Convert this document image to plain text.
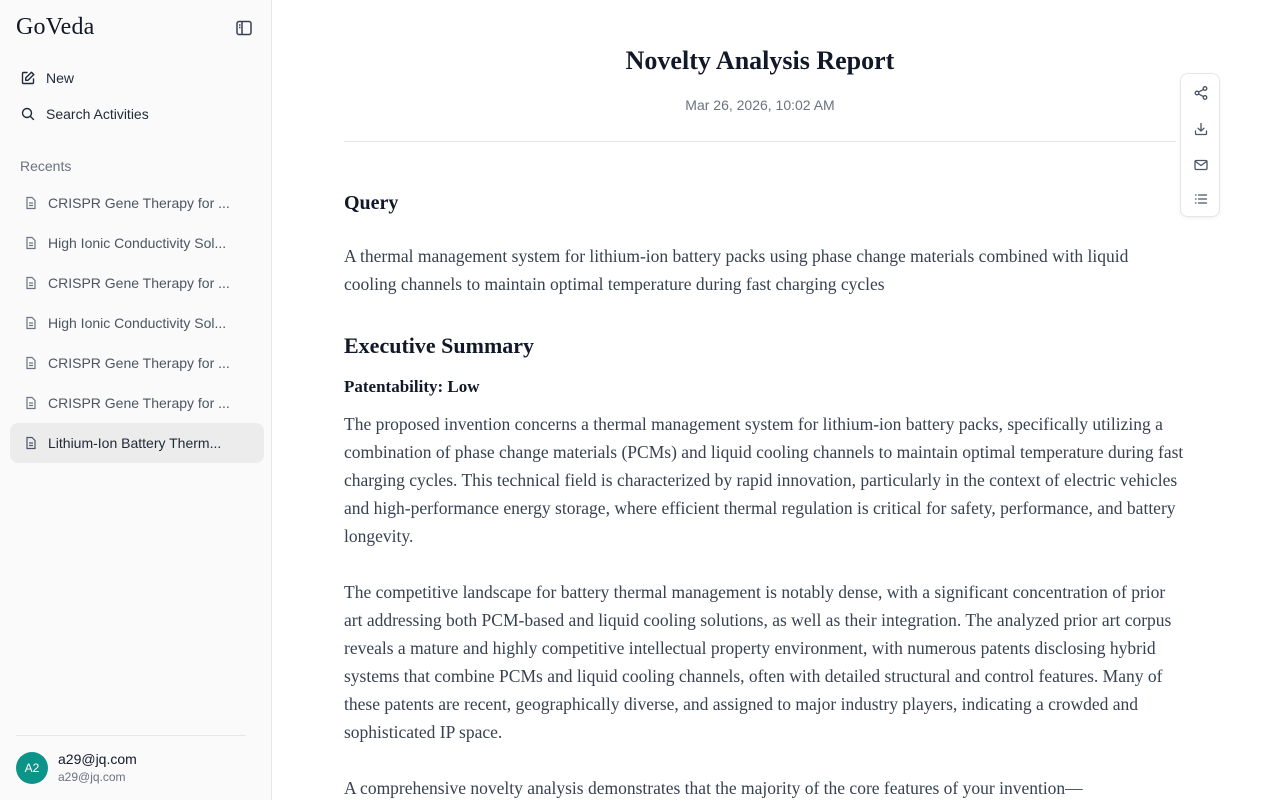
GoVeda
New
Search Activities
Recents
CRISPR Gene Therapy for ...
High Ionic Conductivity Sol...
CRISPR Gene Therapy for ...
High Ionic Conductivity Sol...
CRISPR Gene Therapy for ...
CRISPR Gene Therapy for ...
Lithium-Ion Battery Therm...
A2
a29@jq.com
a29@jq.com
Novelty Analysis Report
Mar 26, 2026, 10:02 AM
Query

A thermal management system for lithium-ion battery packs using phase change materials combined with liquid cooling channels to maintain optimal temperature during fast charging cycles

Executive Summary
Patentability: Low

The proposed invention concerns a thermal management system for lithium-ion battery packs, specifically utilizing a combination of phase change materials (PCMs) and liquid cooling channels to maintain optimal temperature during fast charging cycles. This technical field is characterized by rapid innovation, particularly in the context of electric vehicles and high-performance energy storage, where efficient thermal regulation is critical for safety, performance, and battery longevity.

The competitive landscape for battery thermal management is notably dense, with a significant concentration of prior art addressing both PCM-based and liquid cooling solutions, as well as their integration. The analyzed prior art corpus reveals a mature and highly competitive intellectual property environment, with numerous patents disclosing hybrid systems that combine PCMs and liquid cooling channels, often with detailed structural and control features. Many of these patents are recent, geographically diverse, and assigned to major industry players, indicating a crowded and sophisticated IP space.

A comprehensive novelty analysis demonstrates that the majority of the core features of your invention—
